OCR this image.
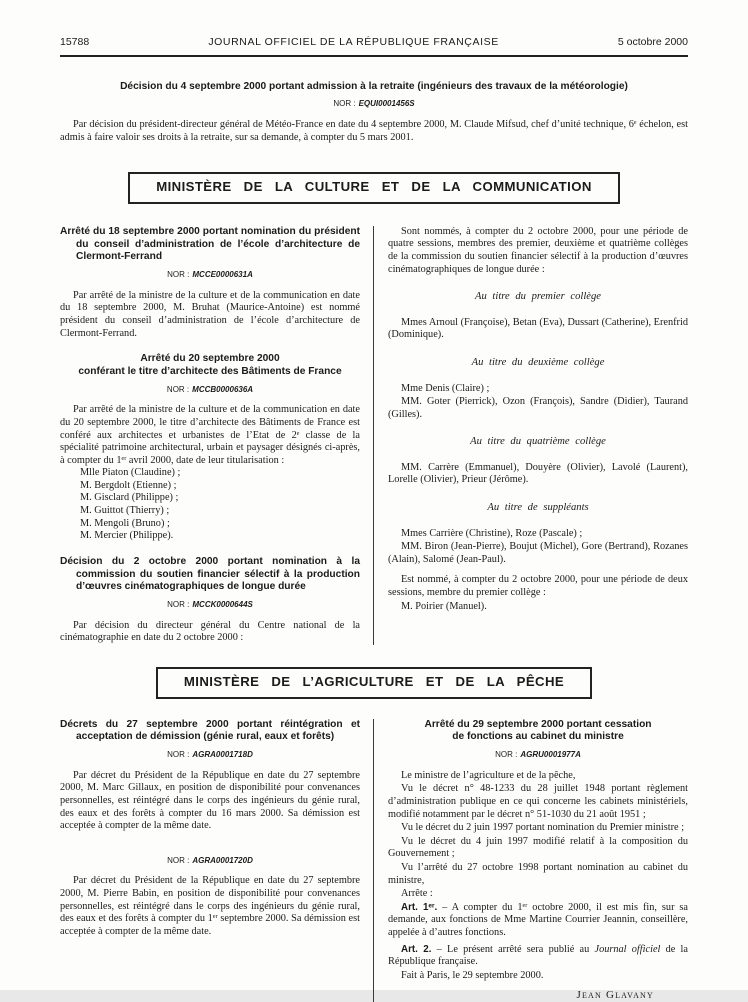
15788	JOURNAL OFFICIEL DE LA RÉPUBLIQUE FRANÇAISE	5 octobre 2000
Décision du 4 septembre 2000 portant admission à la retraite (ingénieurs des travaux de la météorologie)
NOR : EQUI0001456S

Par décision du président-directeur général de Météo-France en date du 4 septembre 2000, M. Claude Mifsud, chef d’unité technique, 6ᵉ échelon, est admis à faire valoir ses droits à la retraite, sur sa demande, à compter du 5 mars 2001.

MINISTÈRE DE LA CULTURE ET DE LA COMMUNICATION
Arrêté du 18 septembre 2000 portant nomination du président du conseil d’administration de l’école d’architecture de Clermont-Ferrand
NOR : MCCE0000631A

Par arrêté de la ministre de la culture et de la communication en date du 18 septembre 2000, M. Bruhat (Maurice-Antoine) est nommé président du conseil d’administration de l’école d’architecture de Clermont-Ferrand.

Arrêté du 20 septembre 2000
conférant le titre d’architecte des Bâtiments de France
NOR : MCCB0000636A

Par arrêté de la ministre de la culture et de la communication en date du 20 septembre 2000, le titre d’architecte des Bâtiments de France est conféré aux architectes et urbanistes de l’Etat de 2ᵉ classe de la spécialité patrimoine architectural, urbain et paysager désignés ci-après, à compter du 1ᵉʳ avril 2000, date de leur titularisation :

Mlle Piaton (Claudine) ;

M. Bergdolt (Etienne) ;

M. Gisclard (Philippe) ;

M. Guittot (Thierry) ;

M. Mengoli (Bruno) ;

M. Mercier (Philippe).

Décision du 2 octobre 2000 portant nomination à la commission du soutien financier sélectif à la production d’œuvres cinématographiques de longue durée
NOR : MCCK0000644S

Par décision du directeur général du Centre national de la cinématographie en date du 2 octobre 2000 :

Sont nommés, à compter du 2 octobre 2000, pour une période de quatre sessions, membres des premier, deuxième et quatrième collèges de la commission du soutien financier sélectif à la production d’œuvres cinématographiques de longue durée :

Au titre du premier collège

Mmes Arnoul (Françoise), Betan (Eva), Dussart (Catherine), Erenfrid (Dominique).

Au titre du deuxième collège

Mme Denis (Claire) ;

MM. Goter (Pierrick), Ozon (François), Sandre (Didier), Taurand (Gilles).

Au titre du quatrième collège

MM. Carrère (Emmanuel), Douyère (Olivier), Lavolé (Laurent), Lorelle (Olivier), Prieur (Jérôme).

Au titre de suppléants

Mmes Carrière (Christine), Roze (Pascale) ;

MM. Biron (Jean-Pierre), Boujut (Michel), Gore (Bertrand), Rozanes (Alain), Salomé (Jean-Paul).

Est nommé, à compter du 2 octobre 2000, pour une période de deux sessions, membre du premier collège :

M. Poirier (Manuel).

MINISTÈRE DE L’AGRICULTURE ET DE LA PÊCHE
Décrets du 27 septembre 2000 portant réintégration et acceptation de démission (génie rural, eaux et forêts)
NOR : AGRA0001718D

Par décret du Président de la République en date du 27 septembre 2000, M. Marc Gillaux, en position de disponibilité pour convenances personnelles, est réintégré dans le corps des ingénieurs du génie rural, des eaux et des forêts à compter du 16 mars 2000. Sa démission est acceptée à compter de la même date.

NOR : AGRA0001720D

Par décret du Président de la République en date du 27 septembre 2000, M. Pierre Babin, en position de disponibilité pour convenances personnelles, est réintégré dans le corps des ingénieurs du génie rural, des eaux et des forêts à compter du 1ᵉʳ septembre 2000. Sa démission est acceptée à compter de la même date.

Arrêté du 29 septembre 2000 portant cessation
de fonctions au cabinet du ministre
NOR : AGRU0001977A

Le ministre de l’agriculture et de la pêche,

Vu le décret n° 48-1233 du 28 juillet 1948 portant règlement d’administration publique en ce qui concerne les cabinets ministériels, modifié notamment par le décret n° 51-1030 du 21 août 1951 ;

Vu le décret du 2 juin 1997 portant nomination du Premier ministre ;

Vu le décret du 4 juin 1997 modifié relatif à la composition du Gouvernement ;

Vu l’arrêté du 27 octobre 1998 portant nomination au cabinet du ministre,

Arrête :

Art. 1ᵉʳ. – A compter du 1ᵉʳ octobre 2000, il est mis fin, sur sa demande, aux fonctions de Mme Martine Courrier Jeannin, conseillère, appelée à d’autres fonctions.

Art. 2. – Le présent arrêté sera publié au Journal officiel de la République française.

Fait à Paris, le 29 septembre 2000.

Jean Glavany
